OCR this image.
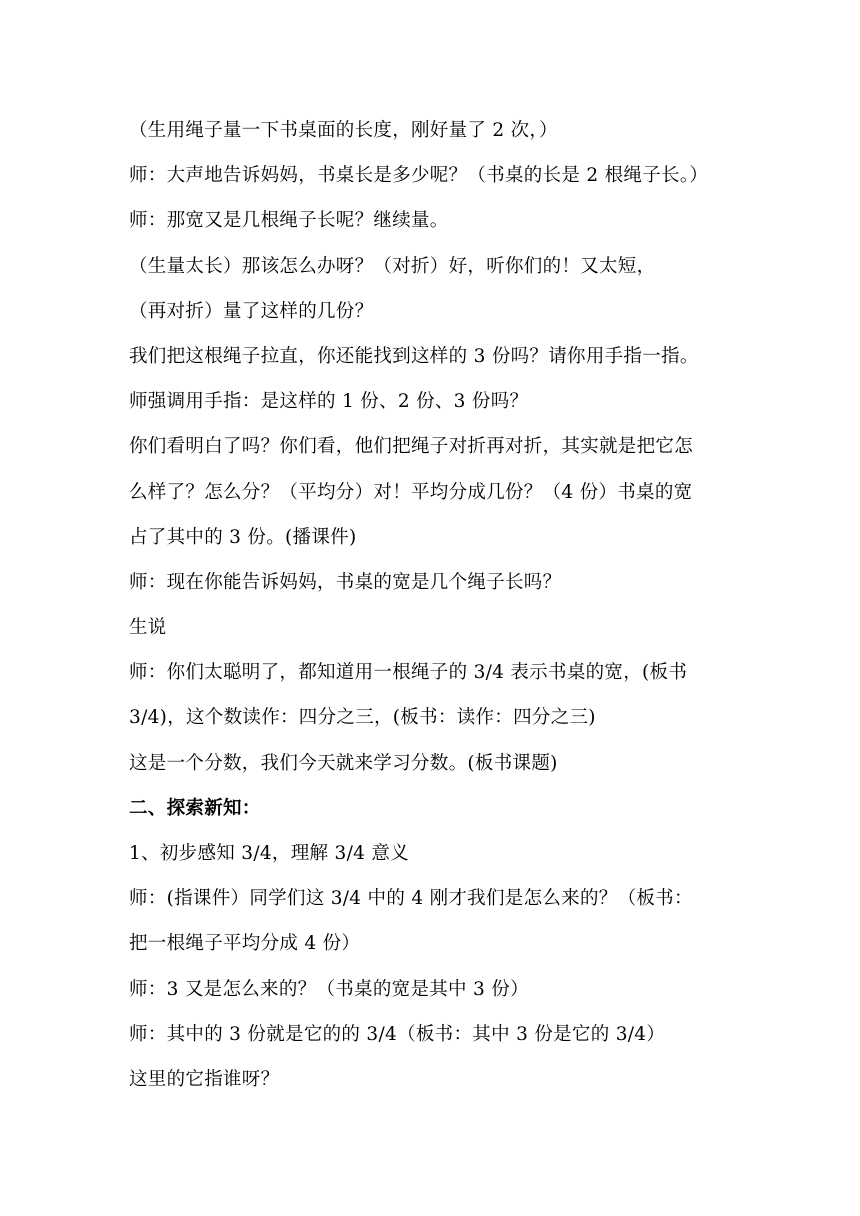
（生用绳子量一下书桌面的长度，刚好量了 2 次，）
师：大声地告诉妈妈，书桌长是多少呢？（书桌的长是 2 根绳子长。）
师：那宽又是几根绳子长呢？继续量。
（生量太长）那该怎么办呀？（对折）好，听你们的！又太短，
（再对折）量了这样的几份？
我们把这根绳子拉直，你还能找到这样的 3 份吗？请你用手指一指。
师强调用手指：是这样的 1 份、2 份、3 份吗？
你们看明白了吗？你们看，他们把绳子对折再对折，其实就是把它怎
么样了？怎么分？（平均分）对！平均分成几份？（4 份）书桌的宽
占了其中的 3 份。(播课件)
师：现在你能告诉妈妈，书桌的宽是几个绳子长吗？
生说
师：你们太聪明了，都知道用一根绳子的 3/4 表示书桌的宽，(板书
3/4)，这个数读作：四分之三，(板书：读作：四分之三)
这是一个分数，我们今天就来学习分数。(板书课题)
二、探索新知：
1、初步感知 3/4，理解 3/4 意义
师：(指课件）同学们这 3/4 中的 4 刚才我们是怎么来的？（板书：
把一根绳子平均分成 4 份）
师：3 又是怎么来的？（书桌的宽是其中 3 份）
师：其中的 3 份就是它的的 3/4（板书：其中 3 份是它的 3/4）
这里的它指谁呀？
